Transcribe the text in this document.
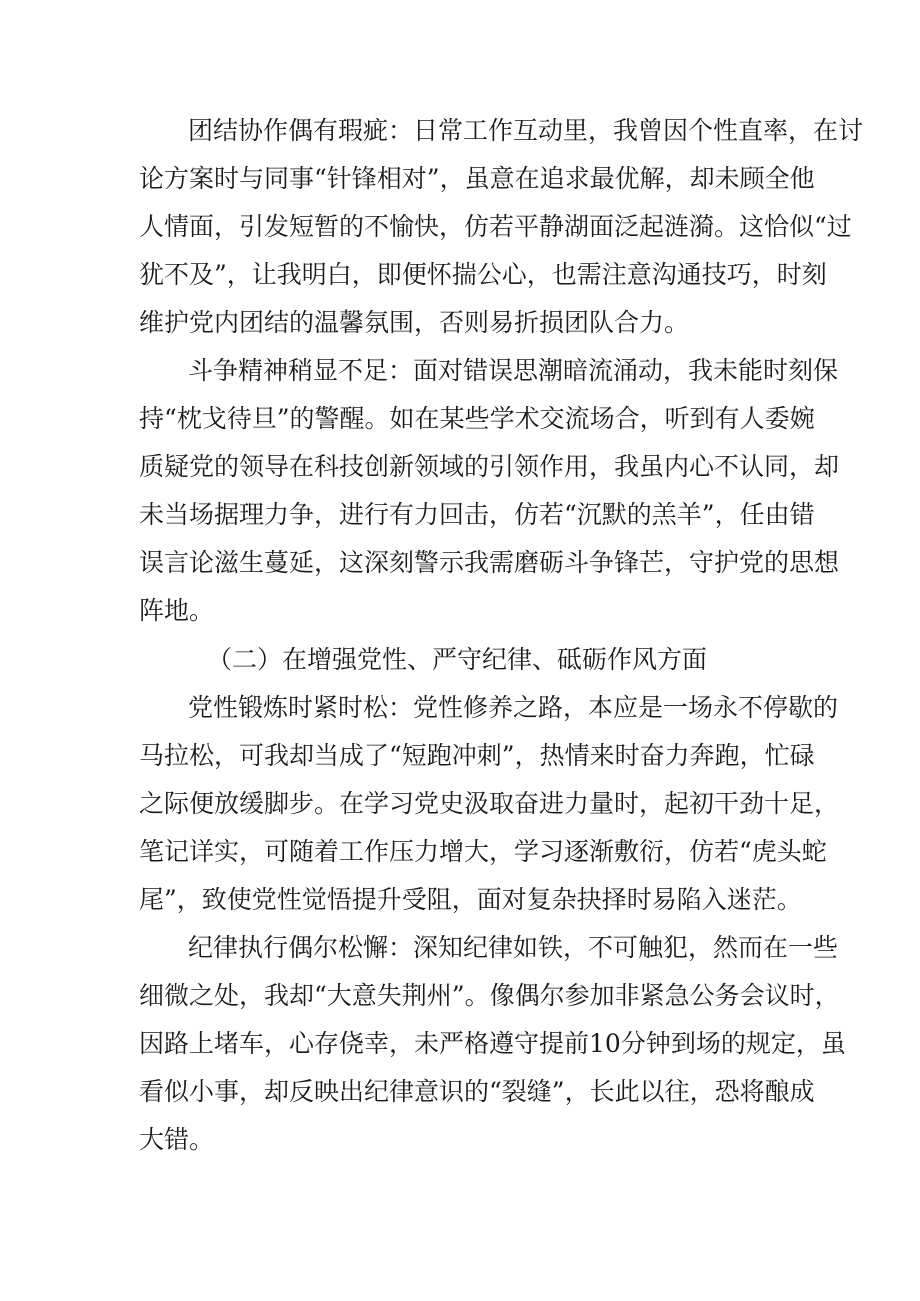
团结协作偶有瑕疵：日常工作互动里，我曾因个性直率，在讨
论方案时与同事“针锋相对”，虽意在追求最优解，却未顾全他
人情面，引发短暂的不愉快，仿若平静湖面泛起涟漪。这恰似“过
犹不及”，让我明白，即便怀揣公心，也需注意沟通技巧，时刻
维护党内团结的温馨氛围，否则易折损团队合力。
斗争精神稍显不足：面对错误思潮暗流涌动，我未能时刻保
持“枕戈待旦”的警醒。如在某些学术交流场合，听到有人委婉
质疑党的领导在科技创新领域的引领作用，我虽内心不认同，却
未当场据理力争，进行有力回击，仿若“沉默的羔羊”，任由错
误言论滋生蔓延，这深刻警示我需磨砺斗争锋芒，守护党的思想
阵地。
（二）在增强党性、严守纪律、砥砺作风方面
党性锻炼时紧时松：党性修养之路，本应是一场永不停歇的
马拉松，可我却当成了“短跑冲刺”，热情来时奋力奔跑，忙碌
之际便放缓脚步。在学习党史汲取奋进力量时，起初干劲十足，
笔记详实，可随着工作压力增大，学习逐渐敷衍，仿若“虎头蛇
尾”，致使党性觉悟提升受阻，面对复杂抉择时易陷入迷茫。
纪律执行偶尔松懈：深知纪律如铁，不可触犯，然而在一些
细微之处，我却“大意失荆州”。像偶尔参加非紧急公务会议时，
因路上堵车，心存侥幸，未严格遵守提前10分钟到场的规定，虽
看似小事，却反映出纪律意识的“裂缝”，长此以往，恐将酿成
大错。
